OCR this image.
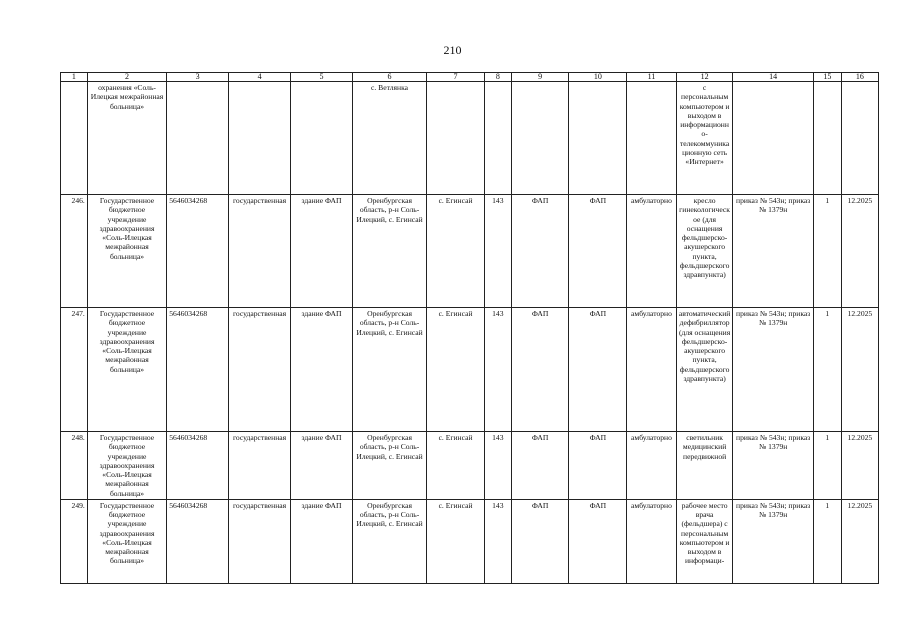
210
1	2	3	4	5	6	7	8	9	10	11	12	14	15	16
	охранения «Соль-Илецкая межрайонная больница»				с. Ветлянка						с персональным компьютером и выходом в информационно-телекоммуникационную сеть «Интернет»			
246.	Государственное бюджетное учреждение здравоохранения «Соль-Илецкая межрайонная больница»	5646034268	государственная	здание ФАП	Оренбургская область, р-н Соль-Илецкий, с. Егинсай	с. Егинсай	143	ФАП	ФАП	амбулаторно	кресло гинекологическое (для оснащения фельдшерско-акушерского пункта, фельдшерского здравпункта)	приказ № 543н; приказ № 1379н	1	12.2025
247.	Государственное бюджетное учреждение здравоохранения «Соль-Илецкая межрайонная больница»	5646034268	государственная	здание ФАП	Оренбургская область, р-н Соль-Илецкий, с. Егинсай	с. Егинсай	143	ФАП	ФАП	амбулаторно	автоматический дефибриллятор (для оснащения фельдшерско-акушерского пункта, фельдшерского здравпункта)	приказ № 543н; приказ № 1379н	1	12.2025
248.	Государственное бюджетное учреждение здравоохранения «Соль-Илецкая межрайонная больница»	5646034268	государственная	здание ФАП	Оренбургская область, р-н Соль-Илецкий, с. Егинсай	с. Егинсай	143	ФАП	ФАП	амбулаторно	светильник медицинский передвижной	приказ № 543н; приказ № 1379н	1	12.2025
249.	Государственное бюджетное учреждение здравоохранения «Соль-Илецкая межрайонная больница»	5646034268	государственная	здание ФАП	Оренбургская область, р-н Соль-Илецкий, с. Егинсай	с. Егинсай	143	ФАП	ФАП	амбулаторно	рабочее место врача (фельдшера) с персональным компьютером и выходом в информаци-	приказ № 543н; приказ № 1379н	1	12.2025
